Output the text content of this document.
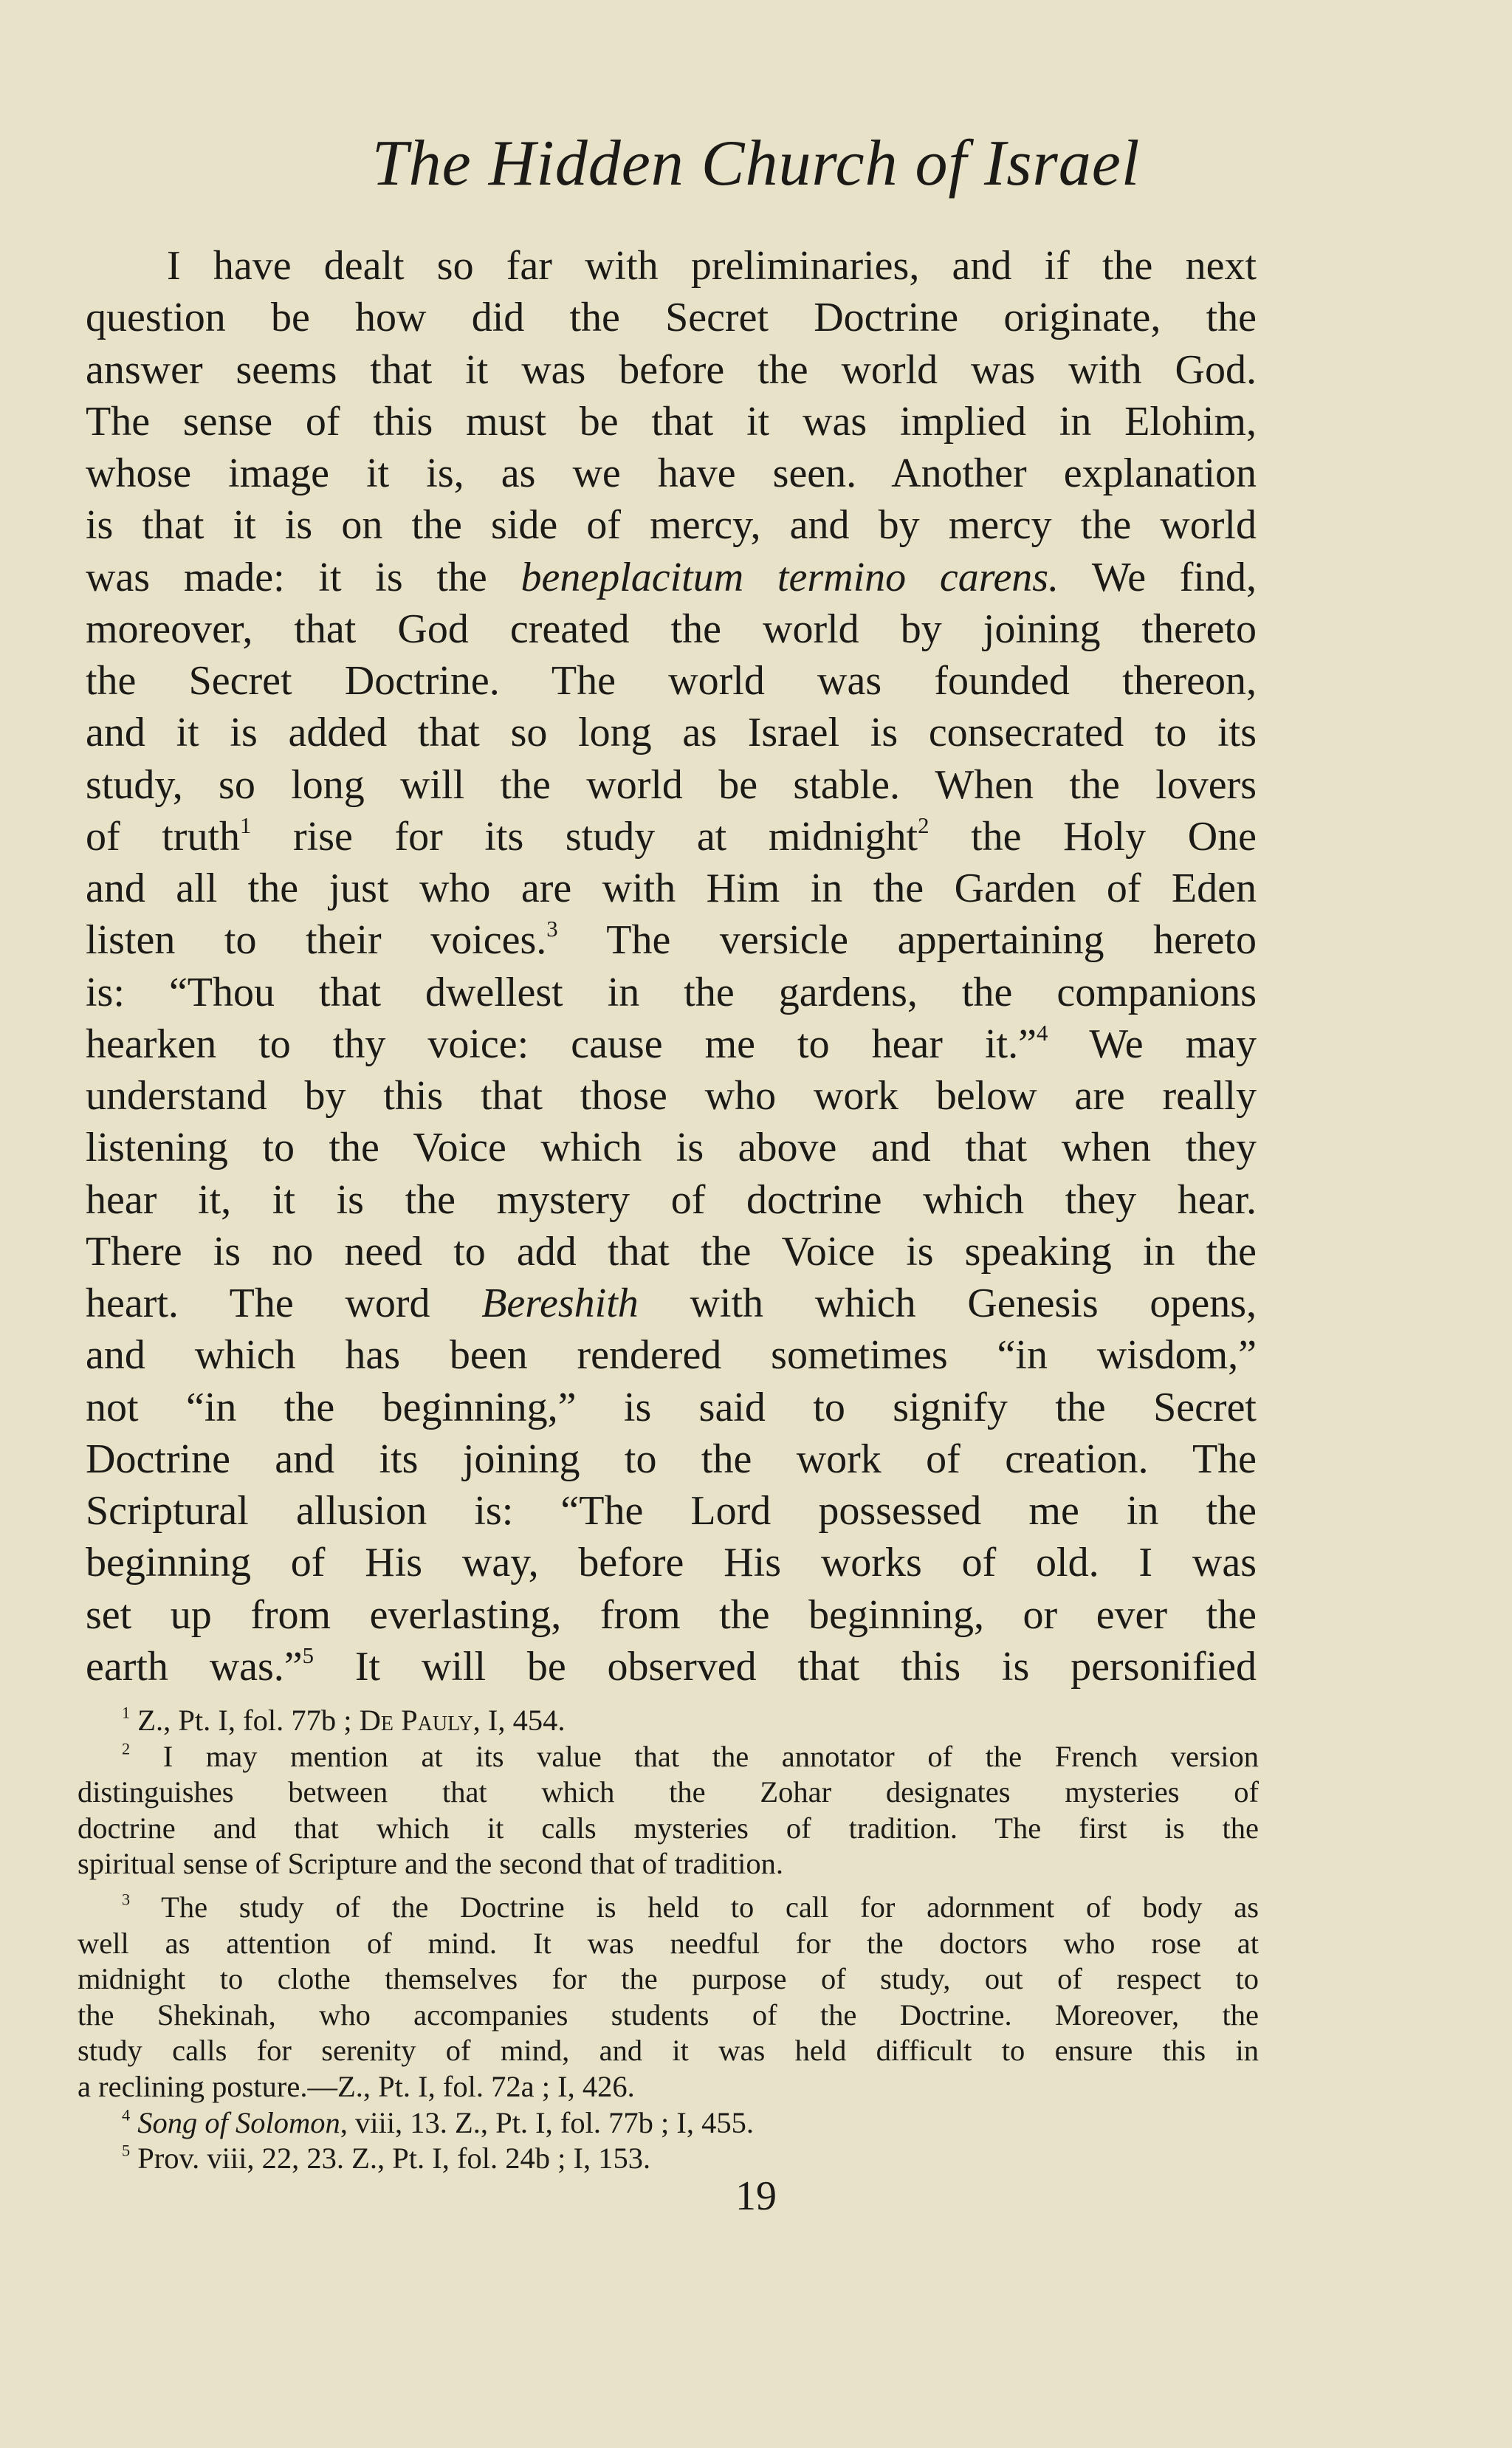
The Hidden Church of Israel
I have dealt so far with preliminaries, and if the next
question be how did the Secret Doctrine originate, the
answer seems that it was before the world was with God.
The sense of this must be that it was implied in Elohim,
whose image it is, as we have seen. Another explanation
is that it is on the side of mercy, and by mercy the world
was made: it is the beneplacitum termino carens. We find,
moreover, that God created the world by joining thereto
the Secret Doctrine. The world was founded thereon,
and it is added that so long as Israel is consecrated to its
study, so long will the world be stable. When the lovers
of truth$^1$ rise for its study at midnight$^2$ the Holy One
and all the just who are with Him in the Garden of Eden
listen to their voices.$^3$ The versicle appertaining hereto
is: “Thou that dwellest in the gardens, the companions
hearken to thy voice: cause me to hear it.”$^4$ We may
understand by this that those who work below are really
listening to the Voice which is above and that when they
hear it, it is the mystery of doctrine which they hear.
There is no need to add that the Voice is speaking in the
heart. The word Bereshith with which Genesis opens,
and which has been rendered sometimes “in wisdom,”
not “in the beginning,” is said to signify the Secret
Doctrine and its joining to the work of creation. The
Scriptural allusion is: “The Lord possessed me in the
beginning of His way, before His works of old. I was
set up from everlasting, from the beginning, or ever the
earth was.”$^5$ It will be observed that this is personified
$^1$ Z., Pt. I, fol. 77b ; De Pauly, I, 454.
$^2$ I may mention at its value that the annotator of the French version
distinguishes between that which the Zohar designates mysteries of
doctrine and that which it calls mysteries of tradition. The first is the
spiritual sense of Scripture and the second that of tradition.
$^3$ The study of the Doctrine is held to call for adornment of body as
well as attention of mind. It was needful for the doctors who rose at
midnight to clothe themselves for the purpose of study, out of respect to
the Shekinah, who accompanies students of the Doctrine. Moreover, the
study calls for serenity of mind, and it was held difficult to ensure this in
a reclining posture.—Z., Pt. I, fol. 72a ; I, 426.
$^4$ Song of Solomon, viii, 13. Z., Pt. I, fol. 77b ; I, 455.
$^5$ Prov. viii, 22, 23. Z., Pt. I, fol. 24b ; I, 153.
19
